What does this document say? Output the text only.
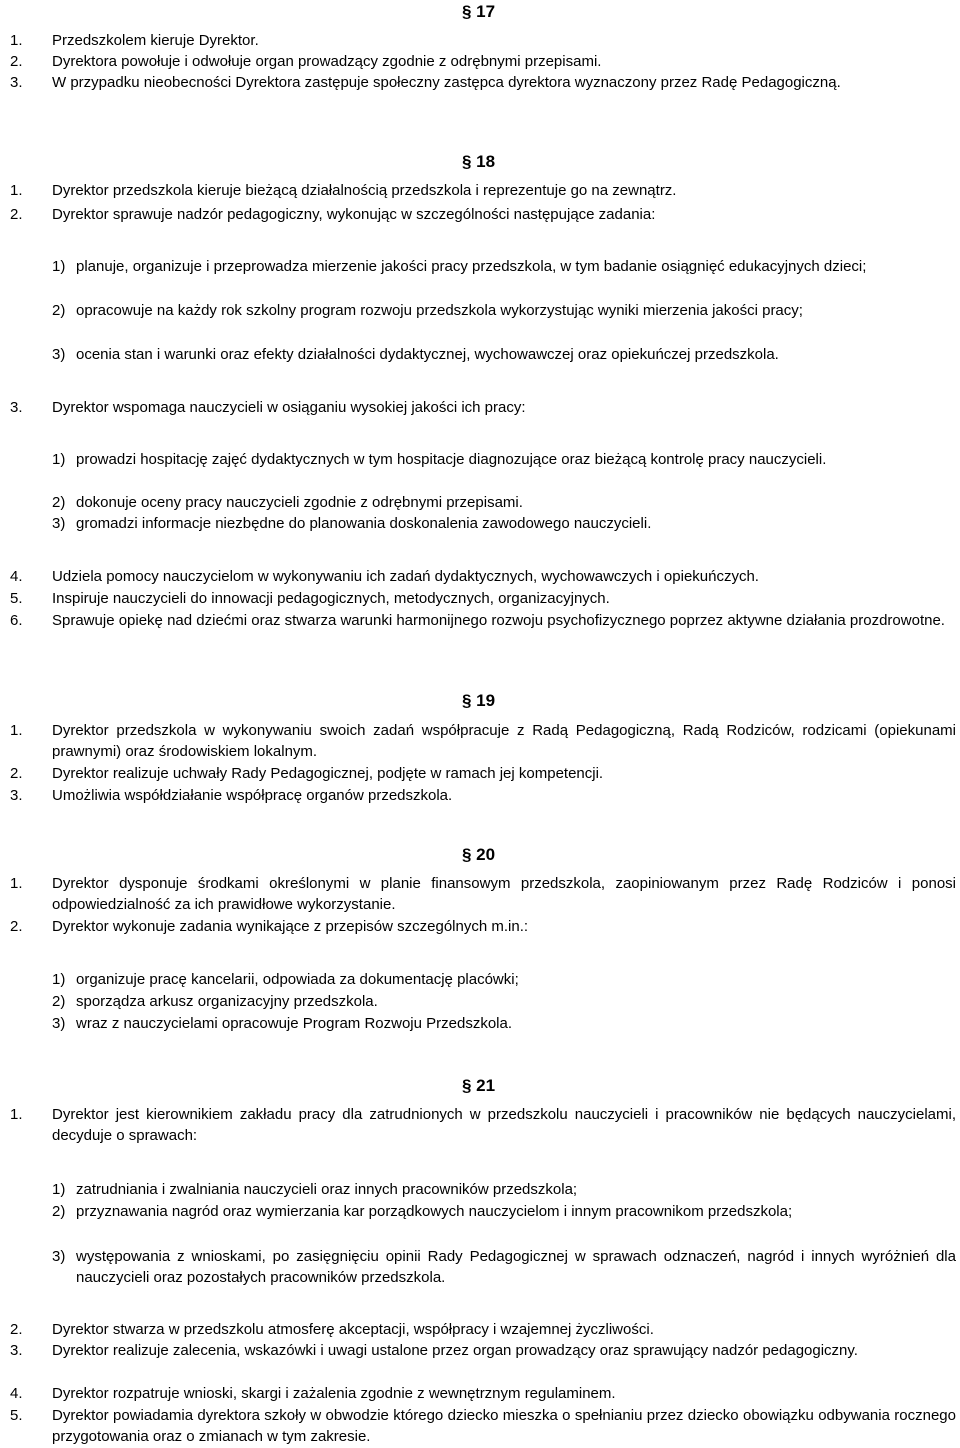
§ 17
1. Przedszkolem kieruje Dyrektor.
2. Dyrektora powołuje i odwołuje organ prowadzący zgodnie z odrębnymi przepisami.
3. W przypadku nieobecności Dyrektora zastępuje społeczny zastępca dyrektora wyznaczony przez Radę Pedagogiczną.
§ 18
1. Dyrektor przedszkola kieruje bieżącą działalnością przedszkola i reprezentuje go na zewnątrz.
2. Dyrektor sprawuje nadzór pedagogiczny, wykonując w szczególności następujące zadania:
1) planuje, organizuje i przeprowadza mierzenie jakości pracy przedszkola, w tym badanie osiągnięć edukacyjnych dzieci;
2) opracowuje na każdy rok szkolny program rozwoju przedszkola wykorzystując wyniki mierzenia jakości pracy;
3) ocenia stan i warunki oraz efekty działalności dydaktycznej, wychowawczej oraz opiekuńczej przedszkola.
3. Dyrektor wspomaga nauczycieli w osiąganiu wysokiej jakości ich pracy:
1) prowadzi hospitację zajęć dydaktycznych w tym hospitacje diagnozujące oraz bieżącą kontrolę pracy nauczycieli.
2) dokonuje oceny pracy nauczycieli zgodnie z odrębnymi przepisami.
3) gromadzi informacje niezbędne do planowania doskonalenia zawodowego nauczycieli.
4. Udziela pomocy nauczycielom w wykonywaniu ich zadań dydaktycznych, wychowawczych i opiekuńczych.
5. Inspiruje nauczycieli do innowacji pedagogicznych, metodycznych, organizacyjnych.
6. Sprawuje opiekę nad dziećmi oraz stwarza warunki harmonijnego rozwoju psychofizycznego poprzez aktywne działania prozdrowotne.
§ 19
1. Dyrektor przedszkola w wykonywaniu swoich zadań współpracuje z Radą Pedagogiczną, Radą Rodziców, rodzicami (opiekunami prawnymi) oraz środowiskiem lokalnym.
2. Dyrektor realizuje uchwały Rady Pedagogicznej, podjęte w ramach jej kompetencji.
3. Umożliwia współdziałanie współpracę organów przedszkola.
§ 20
1. Dyrektor dysponuje środkami określonymi w planie finansowym przedszkola, zaopiniowanym przez Radę Rodziców i ponosi odpowiedzialność za ich prawidłowe wykorzystanie.
2. Dyrektor wykonuje zadania wynikające z przepisów szczególnych m.in.:
1) organizuje pracę kancelarii, odpowiada za dokumentację placówki;
2) sporządza arkusz organizacyjny przedszkola.
3) wraz z nauczycielami opracowuje Program Rozwoju Przedszkola.
§ 21
1. Dyrektor jest kierownikiem zakładu pracy dla zatrudnionych w przedszkolu nauczycieli i pracowników nie będących nauczycielami, decyduje o sprawach:
1) zatrudniania i zwalniania nauczycieli oraz innych pracowników przedszkola;
2) przyznawania nagród oraz wymierzania kar porządkowych nauczycielom i innym pracownikom przedszkola;
3) występowania z wnioskami, po zasięgnięciu opinii Rady Pedagogicznej w sprawach odznaczeń, nagród i innych wyróżnień dla nauczycieli oraz pozostałych pracowników przedszkola.
2. Dyrektor stwarza w przedszkolu atmosferę akceptacji, współpracy i wzajemnej życzliwości.
3. Dyrektor realizuje zalecenia, wskazówki i uwagi ustalone przez organ prowadzący oraz sprawujący nadzór pedagogiczny.
4. Dyrektor rozpatruje wnioski, skargi i zażalenia zgodnie z wewnętrznym regulaminem.
5. Dyrektor powiadamia dyrektora szkoły w obwodzie którego dziecko mieszka o spełnianiu przez dziecko obowiązku odbywania rocznego przygotowania oraz o zmianach w tym zakresie.
